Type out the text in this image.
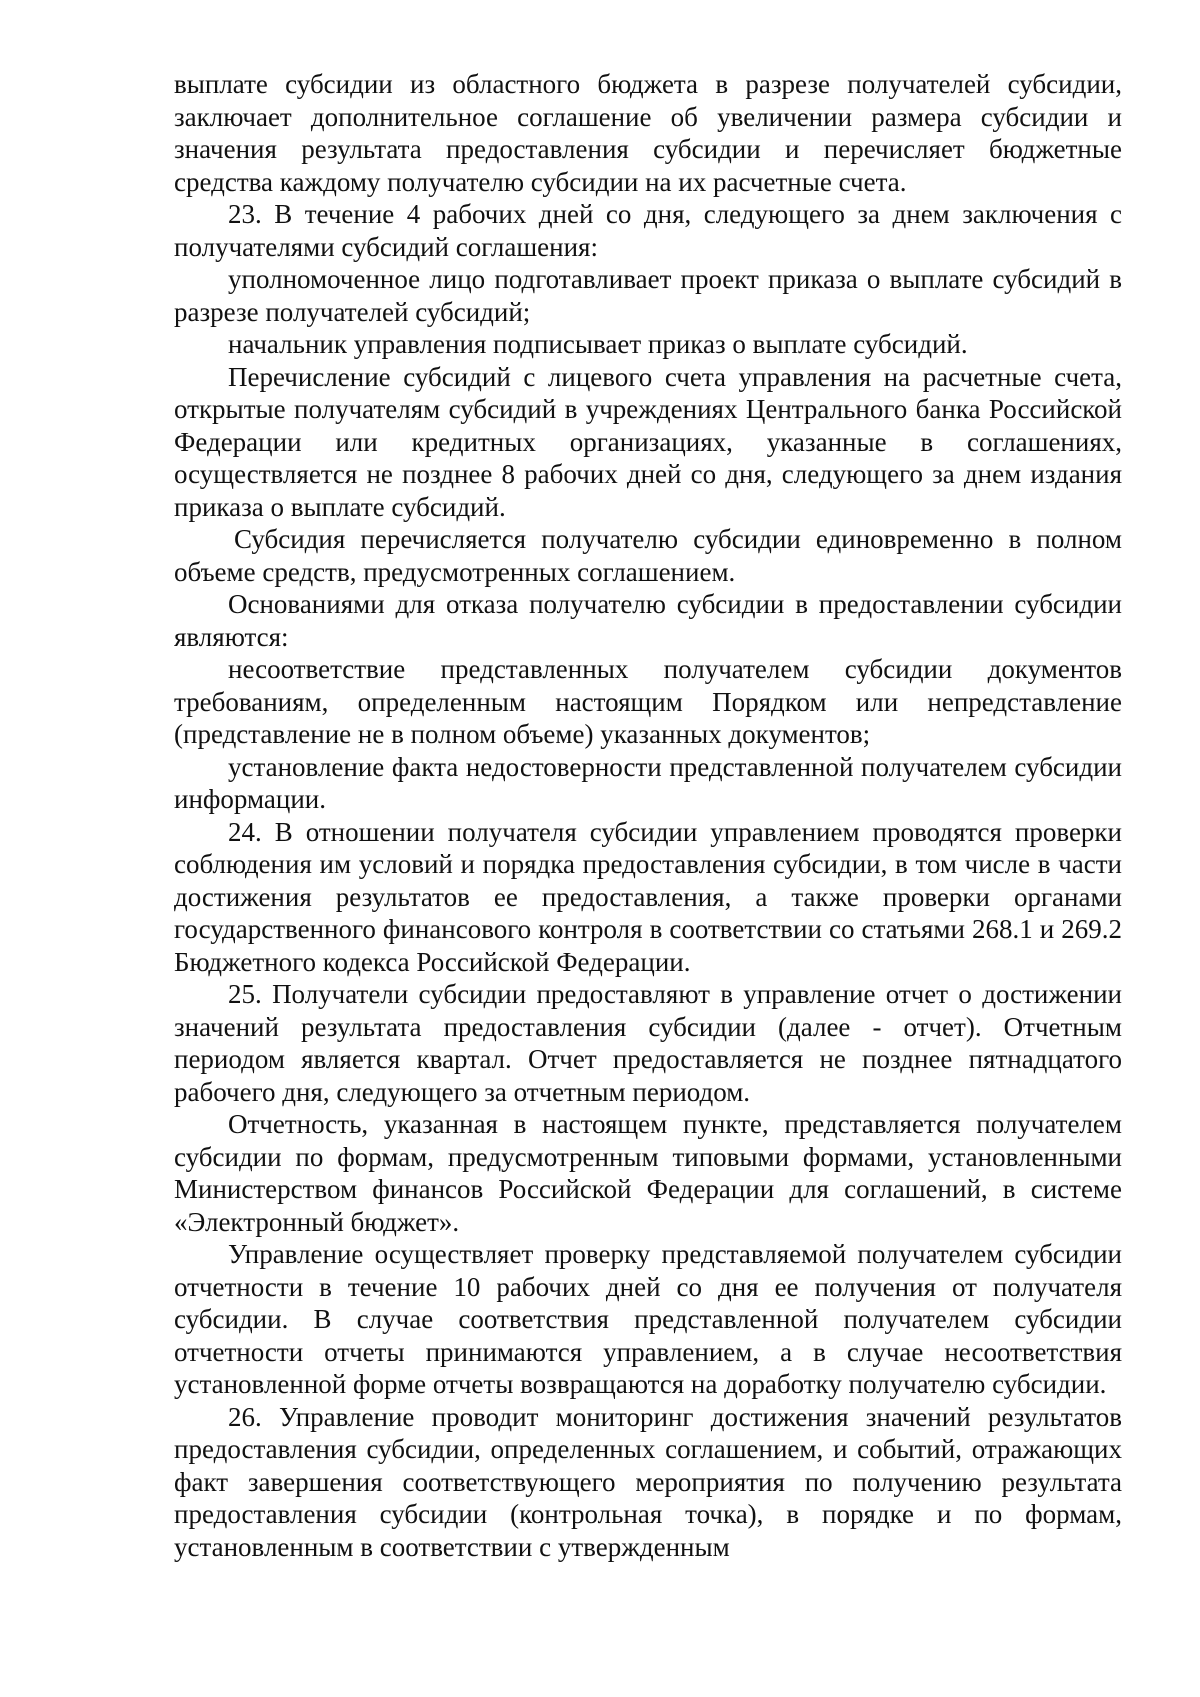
выплате субсидии из областного бюджета в разрезе получателей субсидии, заключает дополнительное соглашение об увеличении размера субсидии и значения результата предоставления субсидии и перечисляет бюджетные средства каждому получателю субсидии на их расчетные счета.

23. В течение 4 рабочих дней со дня, следующего за днем заключения с получателями субсидий соглашения:

уполномоченное лицо подготавливает проект приказа о выплате субсидий в разрезе получателей субсидий;

начальник управления подписывает приказ о выплате субсидий.

Перечисление субсидий с лицевого счета управления на расчетные счета, открытые получателям субсидий в учреждениях Центрального банка Российской Федерации или кредитных организациях, указанные в соглашениях, осуществляется не позднее 8 рабочих дней со дня, следующего за днем издания приказа о выплате субсидий.

Субсидия перечисляется получателю субсидии единовременно в полном объеме средств, предусмотренных соглашением.

Основаниями для отказа получателю субсидии в предоставлении субсидии являются:

несоответствие представленных получателем субсидии документов требованиям, определенным настоящим Порядком или непредставление (представление не в полном объеме) указанных документов;

установление факта недостоверности представленной получателем субсидии информации.

24. В отношении получателя субсидии управлением проводятся проверки соблюдения им условий и порядка предоставления субсидии, в том числе в части достижения результатов ее предоставления, а также проверки органами государственного финансового контроля в соответствии со статьями 268.1 и 269.2 Бюджетного кодекса Российской Федерации.

25. Получатели субсидии предоставляют в управление отчет о достижении значений результата предоставления субсидии (далее - отчет). Отчетным периодом является квартал. Отчет предоставляется не позднее пятнадцатого рабочего дня, следующего за отчетным периодом.

Отчетность, указанная в настоящем пункте, представляется получателем субсидии по формам, предусмотренным типовыми формами, установленными Министерством финансов Российской Федерации для соглашений, в системе «Электронный бюджет».

Управление осуществляет проверку представляемой получателем субсидии отчетности в течение 10 рабочих дней со дня ее получения от получателя субсидии. В случае соответствия представленной получателем субсидии отчетности отчеты принимаются управлением, а в случае несоответствия установленной форме отчеты возвращаются на доработку получателю субсидии.

26. Управление проводит мониторинг достижения значений результатов предоставления субсидии, определенных соглашением, и событий, отражающих факт завершения соответствующего мероприятия по получению результата предоставления субсидии (контрольная точка), в порядке и по формам, установленным в соответствии с утвержденным
